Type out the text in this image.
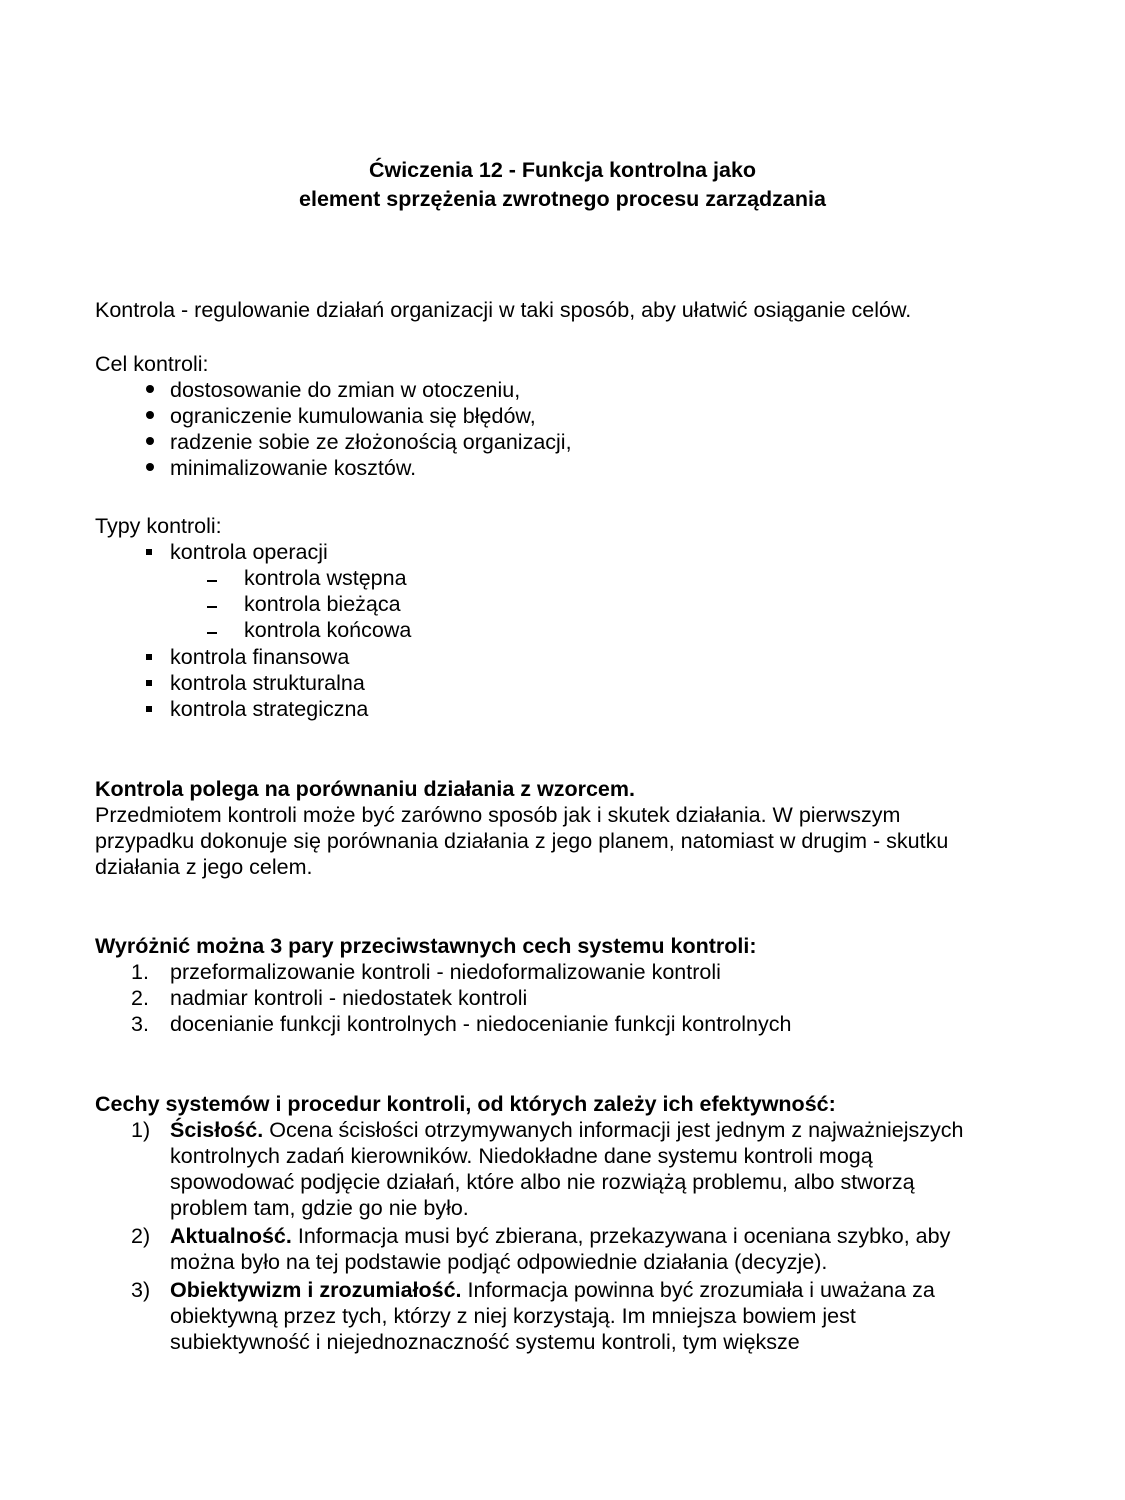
Ćwiczenia 12 - Funkcja kontrolna jako
element sprzężenia zwrotnego procesu zarządzania
Kontrola - regulowanie działań organizacji w taki sposób, aby ułatwić osiąganie celów.
Cel kontroli:
dostosowanie do zmian w otoczeniu,
ograniczenie kumulowania się błędów,
radzenie sobie ze złożonością organizacji,
minimalizowanie kosztów.
Typy kontroli:
kontrola operacji
kontrola wstępna
kontrola bieżąca
kontrola końcowa
kontrola finansowa
kontrola strukturalna
kontrola strategiczna
Kontrola polega na porównaniu działania z wzorcem.
Przedmiotem kontroli może być zarówno sposób jak i skutek działania. W pierwszym
przypadku dokonuje się porównania działania z jego planem, natomiast w drugim - skutku
działania z jego celem.
Wyróżnić można 3 pary przeciwstawnych cech systemu kontroli:
1. przeformalizowanie kontroli - niedoformalizowanie kontroli
2. nadmiar kontroli - niedostatek kontroli
3. docenianie funkcji kontrolnych - niedocenianie funkcji kontrolnych
Cechy systemów i procedur kontroli, od których zależy ich efektywność:
1) Ścisłość. Ocena ścisłości otrzymywanych informacji jest jednym z najważniejszych
kontrolnych zadań kierowników. Niedokładne dane systemu kontroli mogą
spowodować podjęcie działań, które albo nie rozwiążą problemu, albo stworzą
problem tam, gdzie go nie było.
2) Aktualność. Informacja musi być zbierana, przekazywana i oceniana szybko, aby
można było na tej podstawie podjąć odpowiednie działania (decyzje).
3) Obiektywizm i zrozumiałość. Informacja powinna być zrozumiała i uważana za
obiektywną przez tych, którzy z niej korzystają. Im mniejsza bowiem jest
subiektywność i niejednoznaczność systemu kontroli, tym większe
